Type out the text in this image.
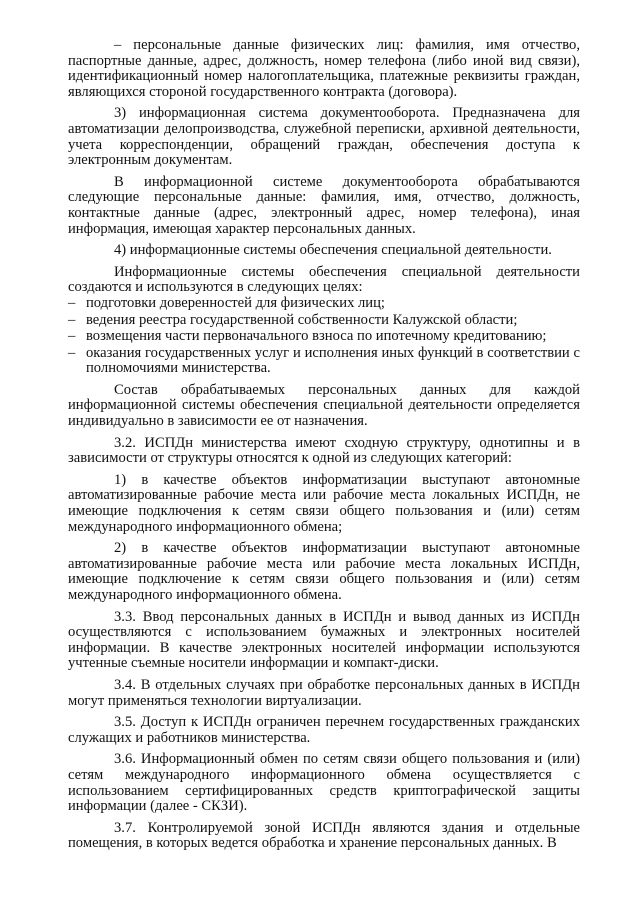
– персональные данные физических лиц: фамилия, имя отчество, паспортные данные, адрес, должность, номер телефона (либо иной вид связи), идентификационный номер налогоплательщика, платежные реквизиты граждан, являющихся стороной государственного контракта (договора).

3) информационная система документооборота. Предназначена для автоматизации делопроизводства, служебной переписки, архивной деятельности, учета корреспонденции, обращений граждан, обеспечения доступа к электронным документам.

В информационной системе документооборота обрабатываются следующие персональные данные: фамилия, имя, отчество, должность, контактные данные (адрес, электронный адрес, номер телефона), иная информация, имеющая характер персональных данных.

4) информационные системы обеспечения специальной деятельности.

Информационные системы обеспечения специальной деятельности создаются и используются в следующих целях:

– подготовки доверенностей для физических лиц;
– ведения реестра государственной собственности Калужской области;
– возмещения части первоначального взноса по ипотечному кредитованию;
– оказания государственных услуг и исполнения иных функций в соответствии с полномочиями министерства.

Состав обрабатываемых персональных данных для каждой информационной системы обеспечения специальной деятельности определяется индивидуально в зависимости ее от назначения.

3.2. ИСПДн министерства имеют сходную структуру, однотипны и в зависимости от структуры относятся к одной из следующих категорий:

1) в качестве объектов информатизации выступают автономные автоматизированные рабочие места или рабочие места локальных ИСПДн, не имеющие подключения к сетям связи общего пользования и (или) сетям международного информационного обмена;

2) в качестве объектов информатизации выступают автономные автоматизированные рабочие места или рабочие места локальных ИСПДн, имеющие подключение к сетям связи общего пользования и (или) сетям международного информационного обмена.

3.3. Ввод персональных данных в ИСПДн и вывод данных из ИСПДн осуществляются с использованием бумажных и электронных носителей информации. В качестве электронных носителей информации используются учтенные съемные носители информации и компакт-диски.

3.4. В отдельных случаях при обработке персональных данных в ИСПДн могут применяться технологии виртуализации.

3.5. Доступ к ИСПДн ограничен перечнем государственных гражданских служащих и работников министерства.

3.6. Информационный обмен по сетям связи общего пользования и (или) сетям международного информационного обмена осуществляется с использованием сертифицированных средств криптографической защиты информации (далее - СКЗИ).

3.7. Контролируемой зоной ИСПДн являются здания и отдельные помещения, в которых ведется обработка и хранение персональных данных. В
